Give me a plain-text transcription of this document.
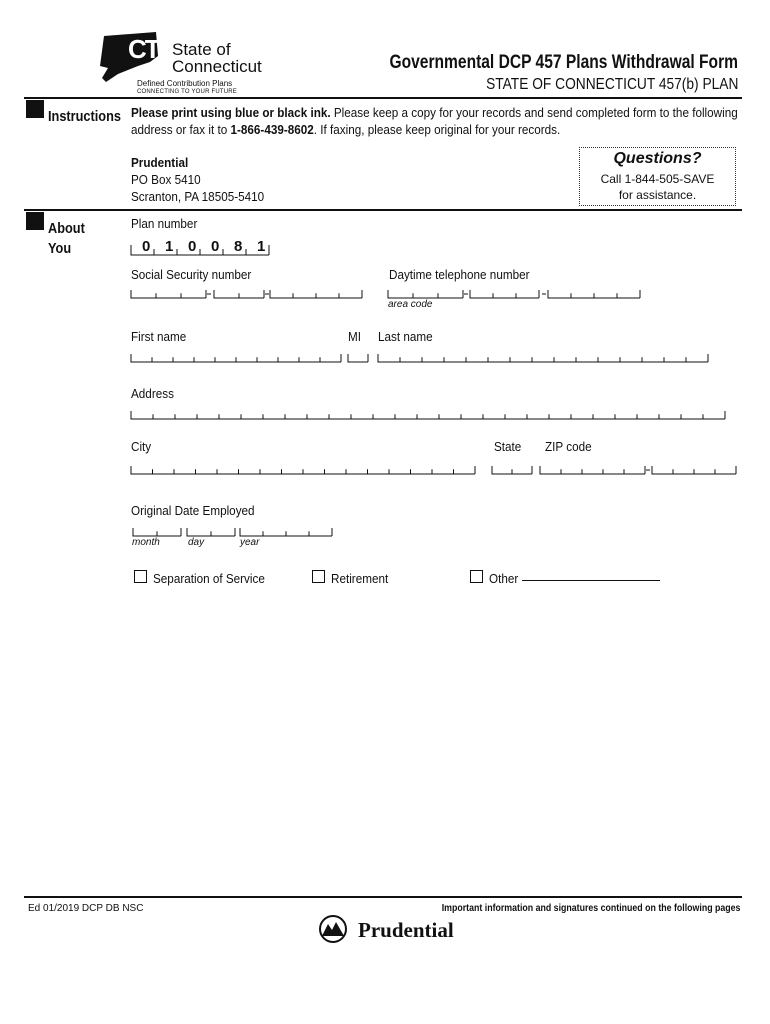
CT State of
Connecticut
Defined Contribution Plans
CONNECTING TO YOUR FUTURE
Governmental DCP 457 Plans Withdrawal Form
STATE OF CONNECTICUT 457(b) PLAN
Instructions Please print using blue or black ink. Please keep a copy for your records and send completed form to the following
address or fax it to 1-866-439-8602. If faxing, please keep original for your records.
Prudential
PO Box 5410
Scranton, PA 18505-5410
Questions?
Call 1-844-505-SAVE
for assistance.
About
You
Plan number
0 1 0 0 8 1
Social Security number	Daytime telephone number
area code
First name	MI Last name
Address
City	State ZIP code
Original Date Employed
month	day	year
Separation of Service	Retirement	Other
Ed 01/2019 DCP DB NSC	Important information and signatures continued on the following pages
Prudential
